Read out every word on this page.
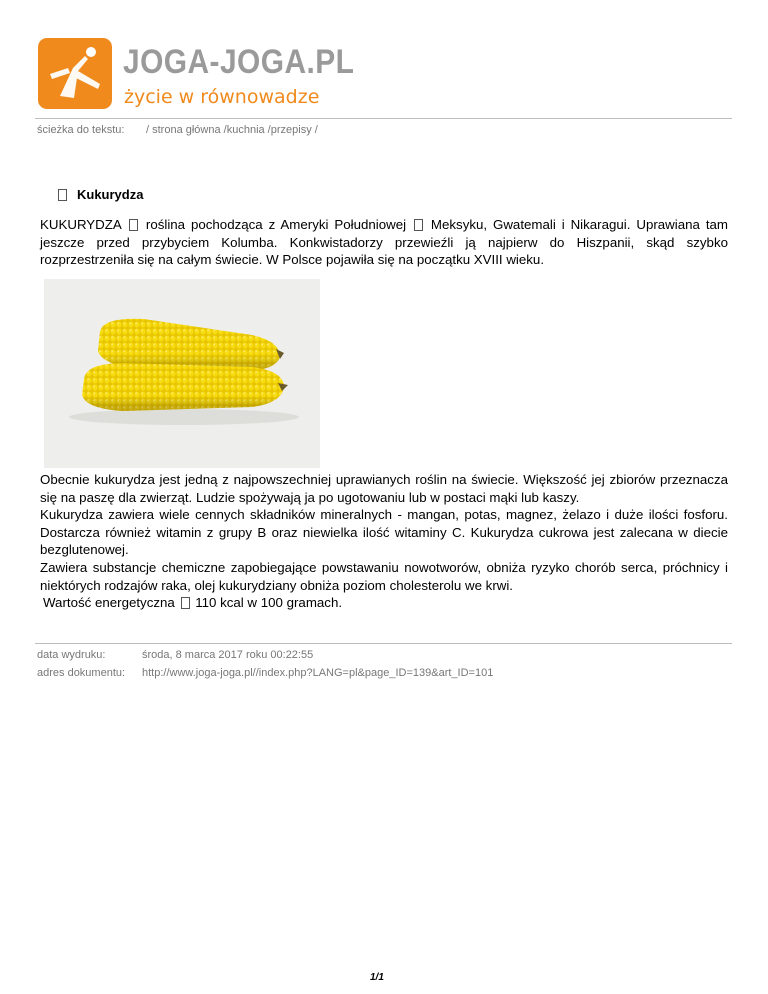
JOGA-JOGA.PL
życie w równowadze
ścieżka do tekstu: / strona główna /kuchnia /przepisy /
Kukurydza

KUKURYDZA roślina pochodząca z Ameryki Południowej Meksyku, Gwatemali i Nikaragui. Uprawiana tam jeszcze przed przybyciem Kolumba. Konkwistadorzy przewieźli ją najpierw do Hiszpanii, skąd szybko rozprzestrzeniła się na całym świecie. W Polsce pojawiła się na początku XVIII wieku.

Obecnie kukurydza jest jedną z najpowszechniej uprawianych roślin na świecie. Większość jej zbiorów przeznacza się na paszę dla zwierząt. Ludzie spożywają ja po ugotowaniu lub w postaci mąki lub kaszy.

Kukurydza zawiera wiele cennych składników mineralnych - mangan, potas, magnez, żelazo i duże ilości fosforu. Dostarcza również witamin z grupy B oraz niewielka ilość witaminy C. Kukurydza cukrowa jest zalecana w diecie bezglutenowej.

Zawiera substancje chemiczne zapobiegające powstawaniu nowotworów, obniża ryzyko chorób serca, próchnicy i niektórych rodzajów raka, olej kukurydziany obniża poziom cholesterolu we krwi.

Wartość energetyczna 110 kcal w 100 gramach.

data wydruku:	środa, 8 marca 2017 roku 00:22:55
adres dokumentu: http://www.joga-joga.pl//index.php?LANG=pl&page_ID=139&art_ID=101
1/1
